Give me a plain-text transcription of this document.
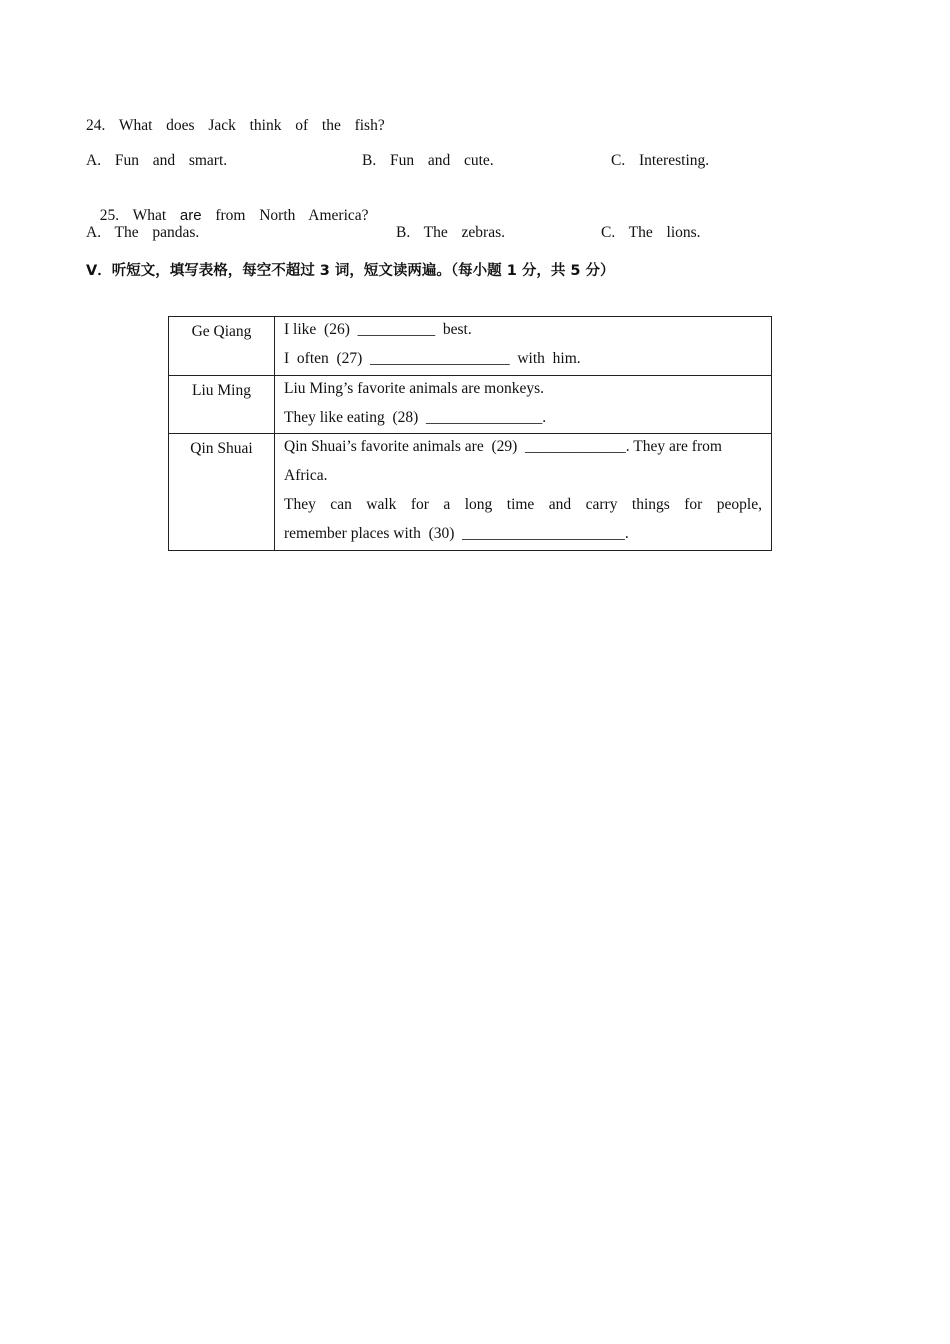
24.  What  does  Jack  think  of  the  fish?
A.  Fun  and  smart.	B.  Fun  and  cute.	C.  Interesting.

25.  What  are  from  North  America?

A.  The  pandas.	B.  The  zebras.	C.  The  lions.
V．听短文，填写表格，每空不超过 3 词，短文读两遍。（每小题 1 分，共 5 分）
Ge Qiang	I like  (26)  __________  best.
I  often  (27)  __________________  with  him.

Liu Ming	Liu Ming’s favorite animals are monkeys.
They like eating  (28)  _______________.

Qin Shuai	Qin Shuai’s favorite animals are  (29)  _____________. They are from
Africa.
They can walk for a long time and carry things for people,
remember places with  (30)  _____________________.
